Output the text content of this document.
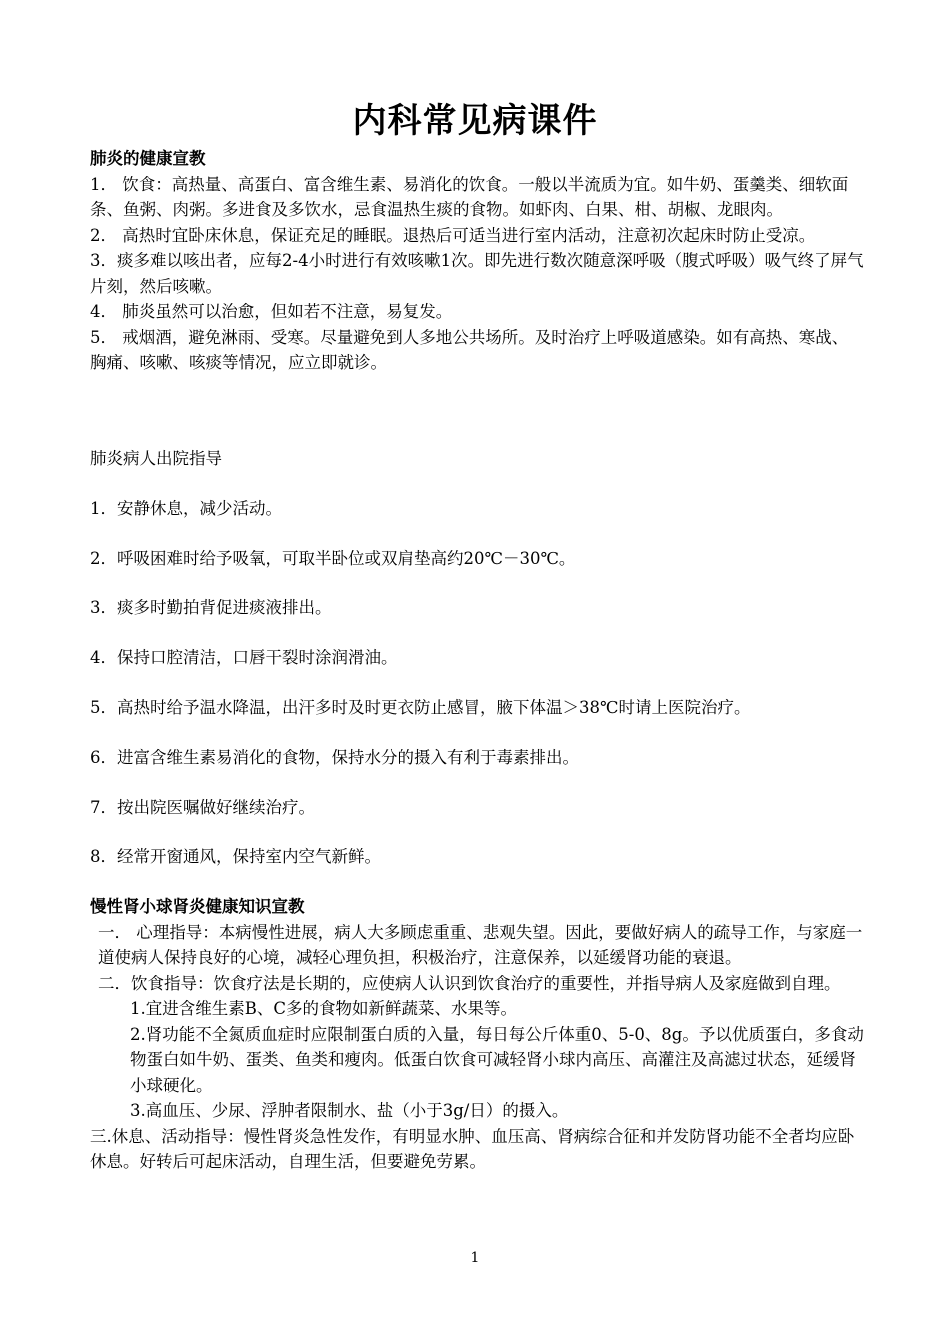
内科常见病课件

肺炎的健康宣教

1． 饮食：高热量、高蛋白、富含维生素、易消化的饮食。一般以半流质为宜。如牛奶、蛋羹类、细软面条、鱼粥、肉粥。多进食及多饮水，忌食温热生痰的食物。如虾肉、白果、柑、胡椒、龙眼肉。

2． 高热时宜卧床休息，保证充足的睡眠。退热后可适当进行室内活动，注意初次起床时防止受凉。

3．痰多难以咳出者，应每2-4小时进行有效咳嗽1次。即先进行数次随意深呼吸（腹式呼吸）吸气终了屏气片刻，然后咳嗽。

4． 肺炎虽然可以治愈，但如若不注意，易复发。

5． 戒烟酒，避免淋雨、受寒。尽量避免到人多地公共场所。及时治疗上呼吸道感染。如有高热、寒战、胸痛、咳嗽、咳痰等情况，应立即就诊。

肺炎病人出院指导

1．安静休息，减少活动。

2．呼吸困难时给予吸氧，可取半卧位或双肩垫高约20℃－30℃。

3．痰多时勤拍背促进痰液排出。

4．保持口腔清洁，口唇干裂时涂润滑油。

5．高热时给予温水降温，出汗多时及时更衣防止感冒，腋下体温＞38℃时请上医院治疗。

6．进富含维生素易消化的食物，保持水分的摄入有利于毒素排出。

7．按出院医嘱做好继续治疗。

8．经常开窗通风，保持室内空气新鲜。

慢性肾小球肾炎健康知识宣教

一． 心理指导：本病慢性进展，病人大多顾虑重重、悲观失望。因此，要做好病人的疏导工作，与家庭一道使病人保持良好的心境，减轻心理负担，积极治疗，注意保养，以延缓肾功能的衰退。

二．饮食指导：饮食疗法是长期的，应使病人认识到饮食治疗的重要性，并指导病人及家庭做到自理。

1.宜进含维生素B、C多的食物如新鲜蔬菜、水果等。

2.肾功能不全氮质血症时应限制蛋白质的入量，每日每公斤体重0、5-0、8g。予以优质蛋白，多食动物蛋白如牛奶、蛋类、鱼类和瘦肉。低蛋白饮食可减轻肾小球内高压、高灌注及高滤过状态，延缓肾小球硬化。

3.高血压、少尿、浮肿者限制水、盐（小于3g/日）的摄入。

三.休息、活动指导：慢性肾炎急性发作，有明显水肿、血压高、肾病综合征和并发防肾功能不全者均应卧休息。好转后可起床活动，自理生活，但要避免劳累。

1
